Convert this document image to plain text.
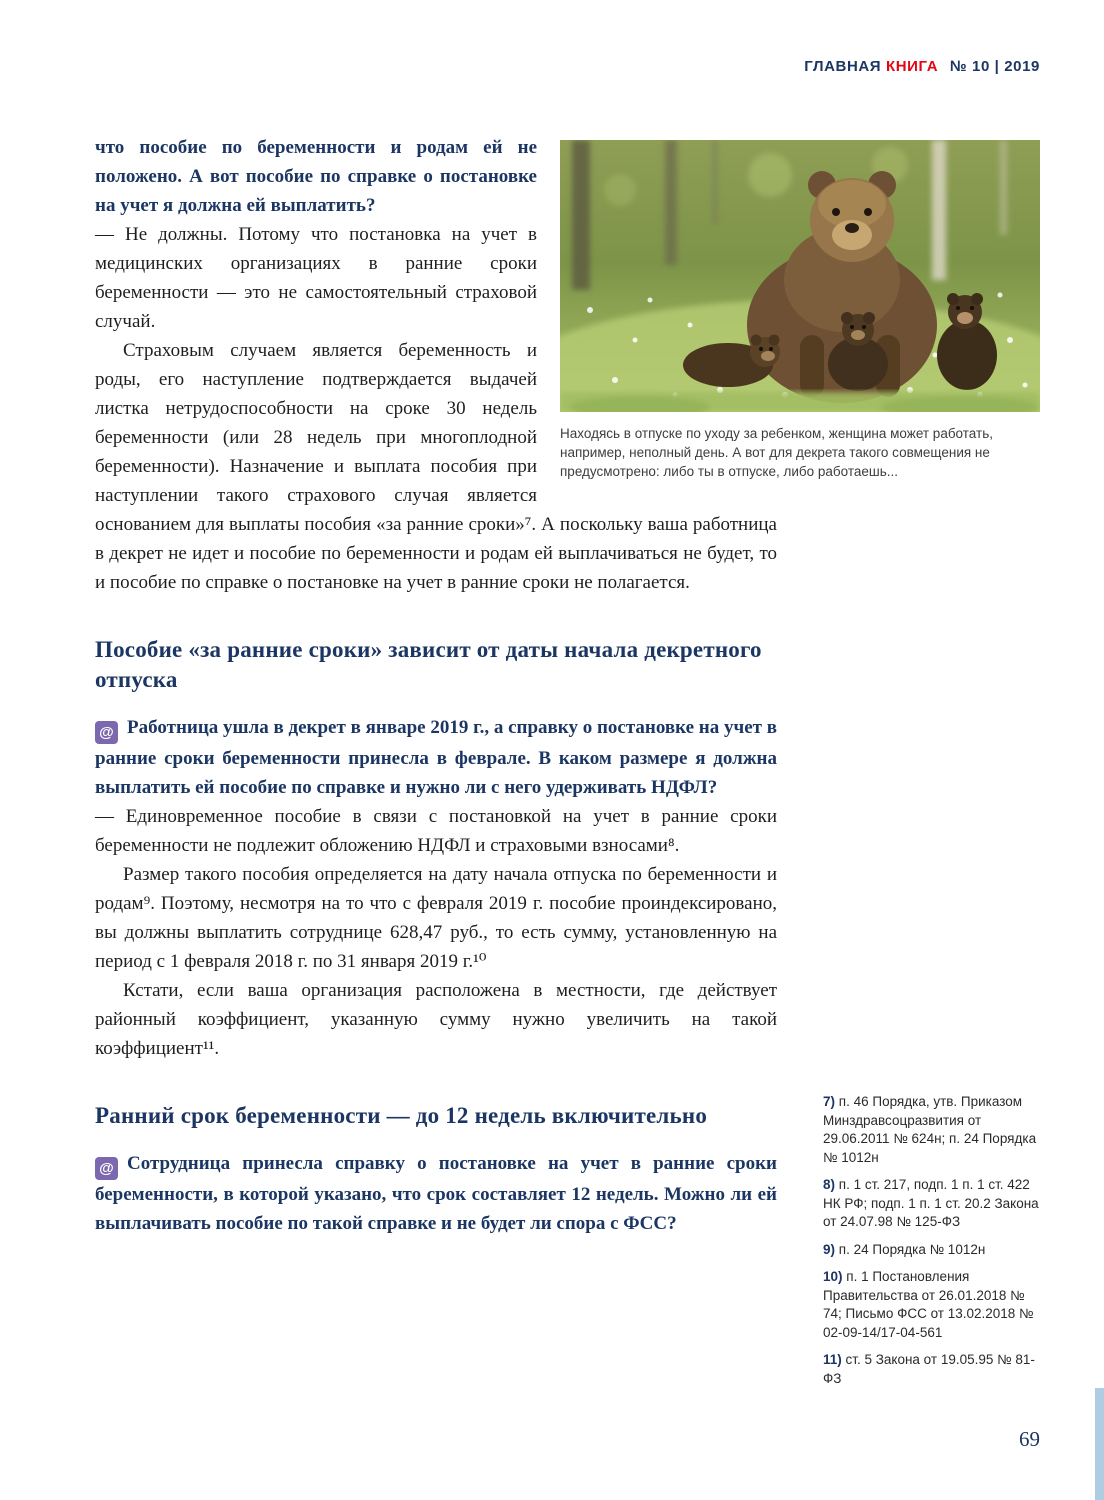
ГЛАВНАЯ КНИГА № 10 | 2019
Находясь в отпуске по уходу за ребенком, женщина может работать, например, неполный день. А вот для декрета такого совмещения не предусмотрено: либо ты в отпуске, либо работаешь...

что пособие по беременности и родам ей не положено. А вот пособие по справке о постановке на учет я должна ей выплатить?

— Не должны. Потому что постановка на учет в медицинских организациях в ранние сроки беременности — это не самостоятельный страховой случай.

Страховым случаем является беременность и роды, его наступление подтверждается выдачей листка нетрудоспособности на сроке 30 недель беременности (или 28 недель при многоплодной беременности). Назначение и выплата пособия при наступлении такого страхового случая является основанием для выплаты пособия «за ранние сроки»⁷. А поскольку ваша работница в декрет не идет и пособие по беременности и родам ей выплачиваться не будет, то и пособие по справке о постановке на учет в ранние сроки не полагается.

Пособие «за ранние сроки» зависит от даты начала декретного отпуска

@ Работница ушла в декрет в январе 2019 г., а справку о постановке на учет в ранние сроки беременности принесла в феврале. В каком размере я должна выплатить ей пособие по справке и нужно ли с него удерживать НДФЛ?

— Единовременное пособие в связи с постановкой на учет в ранние сроки беременности не подлежит обложению НДФЛ и страховыми взносами⁸.

Размер такого пособия определяется на дату начала отпуска по беременности и родам⁹. Поэтому, несмотря на то что с февраля 2019 г. пособие проиндексировано, вы должны выплатить сотруднице 628,47 руб., то есть сумму, установленную на период с 1 февраля 2018 г. по 31 января 2019 г.¹⁰

Кстати, если ваша организация расположена в местности, где действует районный коэффициент, указанную сумму нужно увеличить на такой коэффициент¹¹.

Ранний срок беременности — до 12 недель включительно

@ Сотрудница принесла справку о постановке на учет в ранние сроки беременности, в которой указано, что срок составляет 12 недель. Можно ли ей выплачивать пособие по такой справке и не будет ли спора с ФСС?

7) п. 46 Порядка, утв. Приказом Минздравсоцразвития от 29.06.2011 № 624н; п. 24 Порядка № 1012н
8) п. 1 ст. 217, подп. 1 п. 1 ст. 422 НК РФ; подп. 1 п. 1 ст. 20.2 Закона от 24.07.98 № 125-ФЗ
9) п. 24 Порядка № 1012н
10) п. 1 Постановления Правительства от 26.01.2018 № 74; Письмо ФСС от 13.02.2018 № 02-09-14/17-04-561
11) ст. 5 Закона от 19.05.95 № 81-ФЗ
69
